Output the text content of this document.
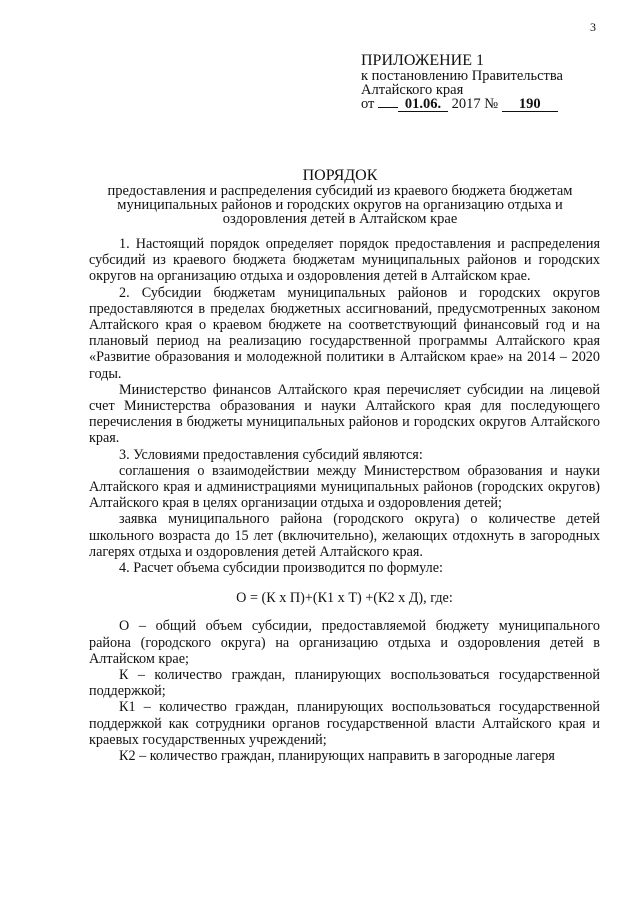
3
ПРИЛОЖЕНИЕ 1
к постановлению Правительства
Алтайского края
от 01.06. 2017 № 190
ПОРЯДОК
предоставления и распределения субсидий из краевого бюджета бюджетам муниципальных районов и городских округов на организацию отдыха и оздоровления детей в Алтайском крае

1. Настоящий порядок определяет порядок предоставления и распределения субсидий из краевого бюджета бюджетам муниципальных районов и городских округов на организацию отдыха и оздоровления детей в Алтайском крае.

2. Субсидии бюджетам муниципальных районов и городских округов предоставляются в пределах бюджетных ассигнований, предусмотренных законом Алтайского края о краевом бюджете на соответствующий финансовый год и на плановый период на реализацию государственной программы Алтайского края «Развитие образования и молодежной политики в Алтайском крае» на 2014 – 2020 годы.

Министерство финансов Алтайского края перечисляет субсидии на лицевой счет Министерства образования и науки Алтайского края для последующего перечисления в бюджеты муниципальных районов и городских округов Алтайского края.

3. Условиями предоставления субсидий являются:

соглашения о взаимодействии между Министерством образования и науки Алтайского края и администрациями муниципальных районов (городских округов) Алтайского края в целях организации отдыха и оздоровления детей;

заявка муниципального района (городского округа) о количестве детей школьного возраста до 15 лет (включительно), желающих отдохнуть в загородных лагерях отдыха и оздоровления детей Алтайского края.

4. Расчет объема субсидии производится по формуле:

О = (К х П)+(К1 х Т) +(К2 х Д), где:

О – общий объем субсидии, предоставляемой бюджету муниципального района (городского округа) на организацию отдыха и оздоровления детей в Алтайском крае;

К – количество граждан, планирующих воспользоваться государственной поддержкой;

К1 – количество граждан, планирующих воспользоваться государственной поддержкой как сотрудники органов государственной власти Алтайского края и краевых государственных учреждений;

К2 – количество граждан, планирующих направить в загородные лагеря
